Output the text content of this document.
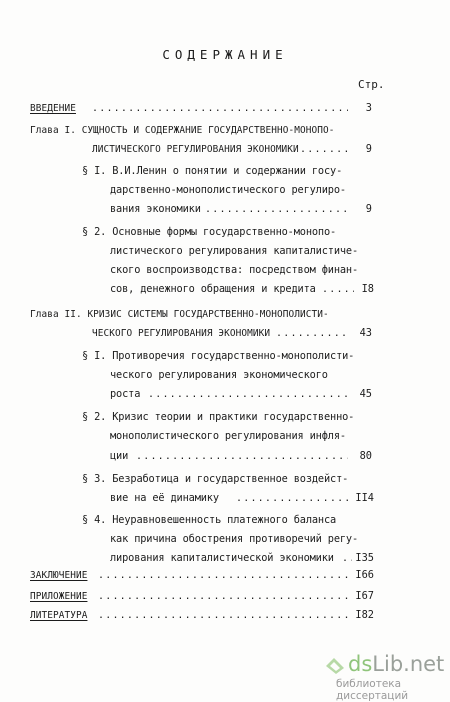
СОДЕРЖАНИЕ
Стр.
ВВЕДЕНИЕ .....	3
Глава I. СУЩНОСТЬ И СОДЕРЖАНИЕ ГОСУДАРСТВЕННО-МОНОПО-
ЛИСТИЧЕСКОГО РЕГУЛИРОВАНИЯ ЭКОНОМИКИ .....	9
§ I. В.И.Ленин о понятии и содержании госу-
дарственно-монополистического регулиро-
вания экономики .....	9
§ 2. Основные формы государственно-монопо-
листического регулирования капиталистиче-
ского воспроизводства: посредством финан-
сов, денежного обращения и кредита .....	I8
Глава II. КРИЗИС СИСТЕМЫ ГОСУДАРСТВЕННО-МОНОПОЛИСТИ-
ЧЕСКОГО РЕГУЛИРОВАНИЯ ЭКОНОМИКИ .....	43
§ I. Противоречия государственно-монополисти-
ческого регулирования экономического
роста .....	45
§ 2. Кризис теории и практики государственно-
монополистического регулирования инфля-
ции .....	80
§ 3. Безработица и государственное воздейст-
вие на её динамику .....	II4
§ 4. Неуравновешенность платежного баланса
как причина обострения противоречий регу-
лирования капиталистической экономики .....	I35
ЗАКЛЮЧЕНИЕ .....	I66
ПРИЛОЖЕНИЕ .....	I67
ЛИТЕРАТУРА .....	I82
dsLib.net
библиотека диссертаций
